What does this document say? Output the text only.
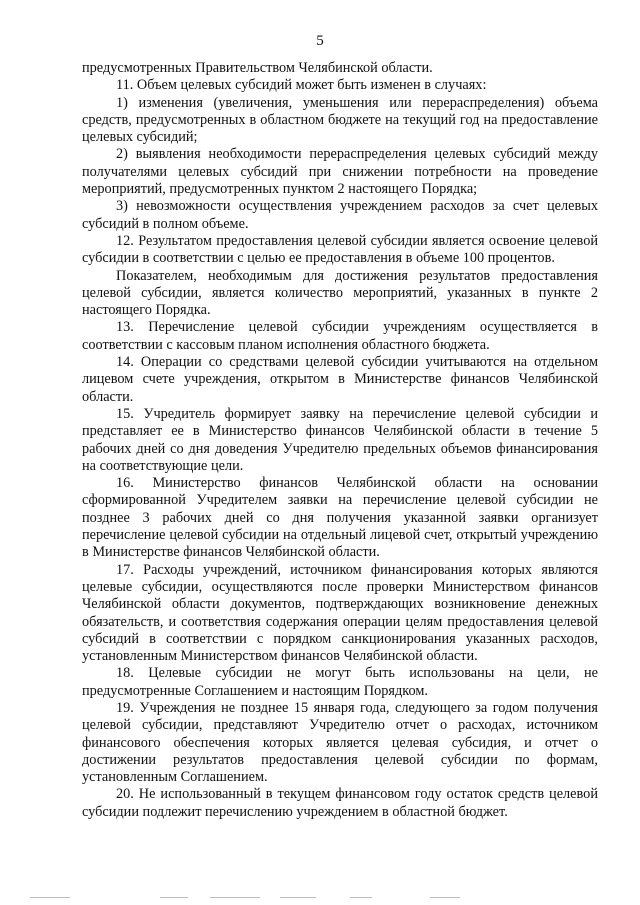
5

предусмотренных Правительством Челябинской области.

11. Объем целевых субсидий может быть изменен в случаях:

1) изменения (увеличения, уменьшения или перераспределения) объема средств, предусмотренных в областном бюджете на текущий год на предоставление целевых субсидий;

2) выявления необходимости перераспределения целевых субсидий между получателями целевых субсидий при снижении потребности на проведение мероприятий, предусмотренных пунктом 2 настоящего Порядка;

3) невозможности осуществления учреждением расходов за счет целевых субсидий в полном объеме.

12. Результатом предоставления целевой субсидии является освоение целевой субсидии в соответствии с целью ее предоставления в объеме 100 процентов.

Показателем, необходимым для достижения результатов предоставления целевой субсидии, является количество мероприятий, указанных в пункте 2 настоящего Порядка.

13. Перечисление целевой субсидии учреждениям осуществляется в соответствии с кассовым планом исполнения областного бюджета.

14. Операции со средствами целевой субсидии учитываются на отдельном лицевом счете учреждения, открытом в Министерстве финансов Челябинской области.

15. Учредитель формирует заявку на перечисление целевой субсидии и представляет ее в Министерство финансов Челябинской области в течение 5 рабочих дней со дня доведения Учредителю предельных объемов финансирования на соответствующие цели.

16. Министерство финансов Челябинской области на основании сформированной Учредителем заявки на перечисление целевой субсидии не позднее 3 рабочих дней со дня получения указанной заявки организует перечисление целевой субсидии на отдельный лицевой счет, открытый учреждению в Министерстве финансов Челябинской области.

17. Расходы учреждений, источником финансирования которых являются целевые субсидии, осуществляются после проверки Министерством финансов Челябинской области документов, подтверждающих возникновение денежных обязательств, и соответствия содержания операции целям предоставления целевой субсидий в соответствии с порядком санкционирования указанных расходов, установленным Министерством финансов Челябинской области.

18. Целевые субсидии не могут быть использованы на цели, не предусмотренные Соглашением и настоящим Порядком.

19. Учреждения не позднее 15 января года, следующего за годом получения целевой субсидии, представляют Учредителю отчет о расходах, источником финансового обеспечения которых является целевая субсидия, и отчет о достижении результатов предоставления целевой субсидии по формам, установленным Соглашением.

20. Не использованный в текущем финансовом году остаток средств целевой субсидии подлежит перечислению учреждением в областной бюджет.
